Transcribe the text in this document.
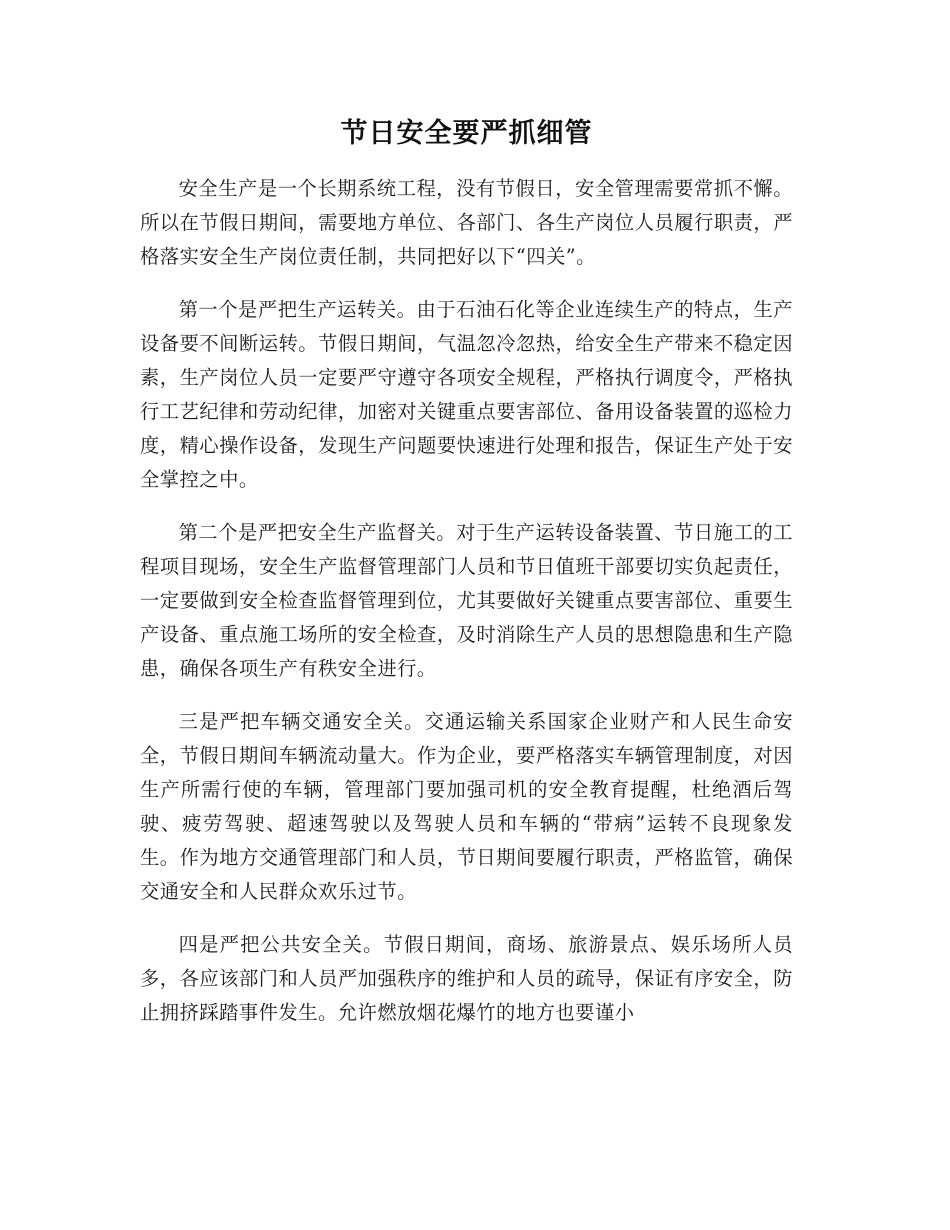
节日安全要严抓细管

安全生产是一个长期系统工程，没有节假日，安全管理需要常抓不懈。所以在节假日期间，需要地方单位、各部门、各生产岗位人员履行职责，严格落实安全生产岗位责任制，共同把好以下“四关”。

第一个是严把生产运转关。由于石油石化等企业连续生产的特点，生产设备要不间断运转。节假日期间，气温忽冷忽热，给安全生产带来不稳定因素，生产岗位人员一定要严守遵守各项安全规程，严格执行调度令，严格执行工艺纪律和劳动纪律，加密对关键重点要害部位、备用设备装置的巡检力度，精心操作设备，发现生产问题要快速进行处理和报告，保证生产处于安全掌控之中。

第二个是严把安全生产监督关。对于生产运转设备装置、节日施工的工程项目现场，安全生产监督管理部门人员和节日值班干部要切实负起责任，一定要做到安全检查监督管理到位，尤其要做好关键重点要害部位、重要生产设备、重点施工场所的安全检查，及时消除生产人员的思想隐患和生产隐患，确保各项生产有秩安全进行。

三是严把车辆交通安全关。交通运输关系国家企业财产和人民生命安全，节假日期间车辆流动量大。作为企业，要严格落实车辆管理制度，对因生产所需行使的车辆，管理部门要加强司机的安全教育提醒，杜绝酒后驾驶、疲劳驾驶、超速驾驶以及驾驶人员和车辆的“带病”运转不良现象发生。作为地方交通管理部门和人员，节日期间要履行职责，严格监管，确保交通安全和人民群众欢乐过节。

四是严把公共安全关。节假日期间，商场、旅游景点、娱乐场所人员多，各应该部门和人员严加强秩序的维护和人员的疏导，保证有序安全，防止拥挤踩踏事件发生。允许燃放烟花爆竹的地方也要谨小
